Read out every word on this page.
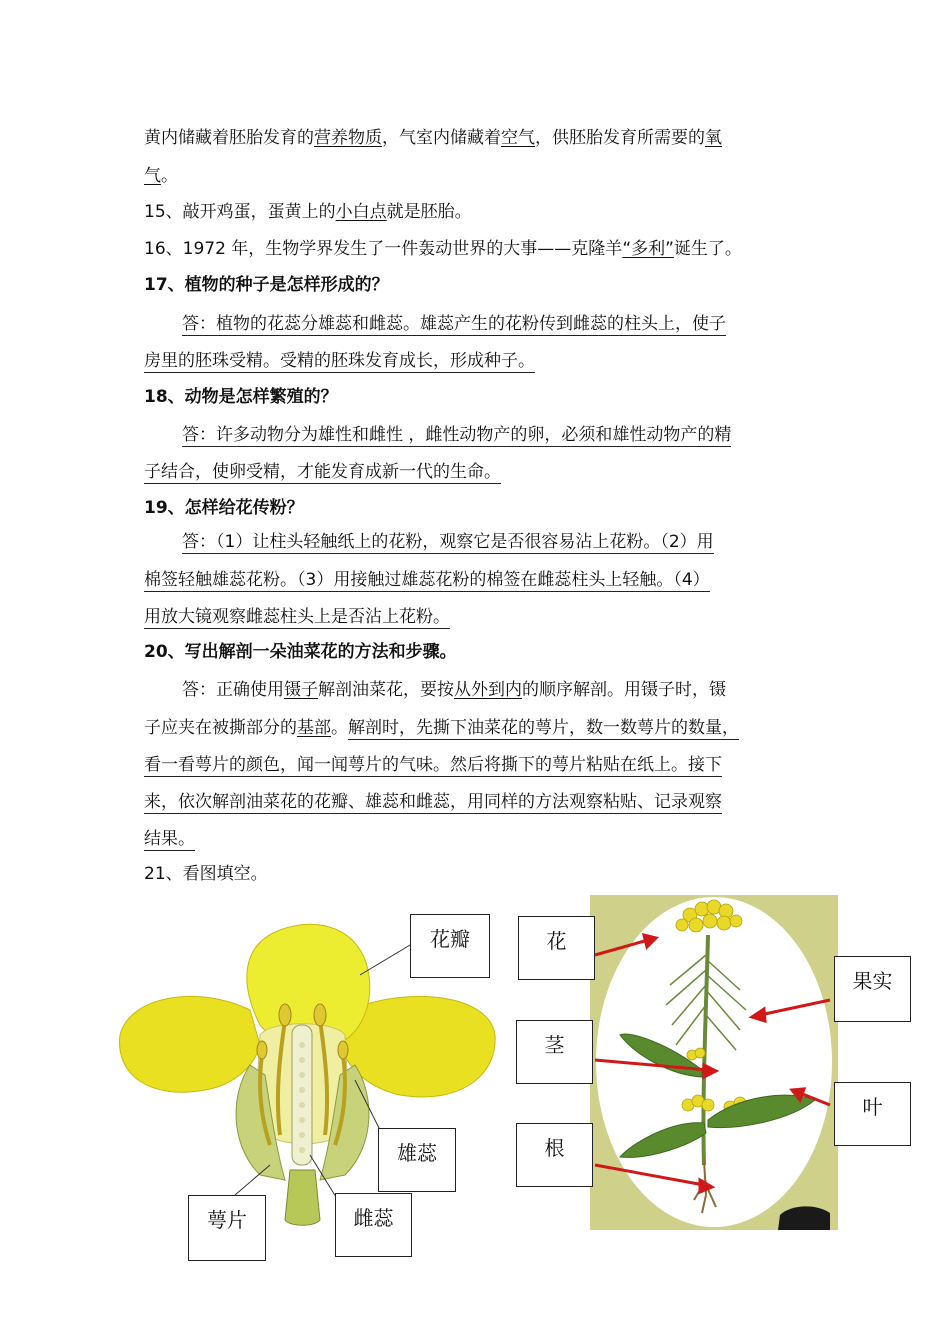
黄内储藏着胚胎发育的营养物质，气室内储藏着空气，供胚胎发育所需要的氧
气。
15、敲开鸡蛋，蛋黄上的小白点就是胚胎。
16、1972 年，生物学界发生了一件轰动世界的大事——克隆羊“多利”诞生了。
17、植物的种子是怎样形成的？
答：植物的花蕊分雄蕊和雌蕊。雄蕊产生的花粉传到雌蕊的柱头上，使子
房里的胚珠受精。受精的胚珠发育成长，形成种子。
18、动物是怎样繁殖的？
答：许多动物分为雄性和雌性 ，雌性动物产的卵，必须和雄性动物产的精
子结合，使卵受精，才能发育成新一代的生命。
19、怎样给花传粉？
答：（1）让柱头轻触纸上的花粉，观察它是否很容易沾上花粉。（2）用
棉签轻触雄蕊花粉。（3）用接触过雄蕊花粉的棉签在雌蕊柱头上轻触。（4）
用放大镜观察雌蕊柱头上是否沾上花粉。
20、写出解剖一朵油菜花的方法和步骤。
答：正确使用镊子解剖油菜花，要按从外到内的顺序解剖。用镊子时，镊
子应夹在被撕部分的基部。解剖时，先撕下油菜花的萼片，数一数萼片的数量，
看一看萼片的颜色，闻一闻萼片的气味。然后将撕下的萼片粘贴在纸上。接下
来，依次解剖油菜花的花瓣、雄蕊和雌蕊，用同样的方法观察粘贴、记录观察
结果。
21、看图填空。
花瓣
雄蕊
萼片	雌蕊
花
果实
茎
叶
根
